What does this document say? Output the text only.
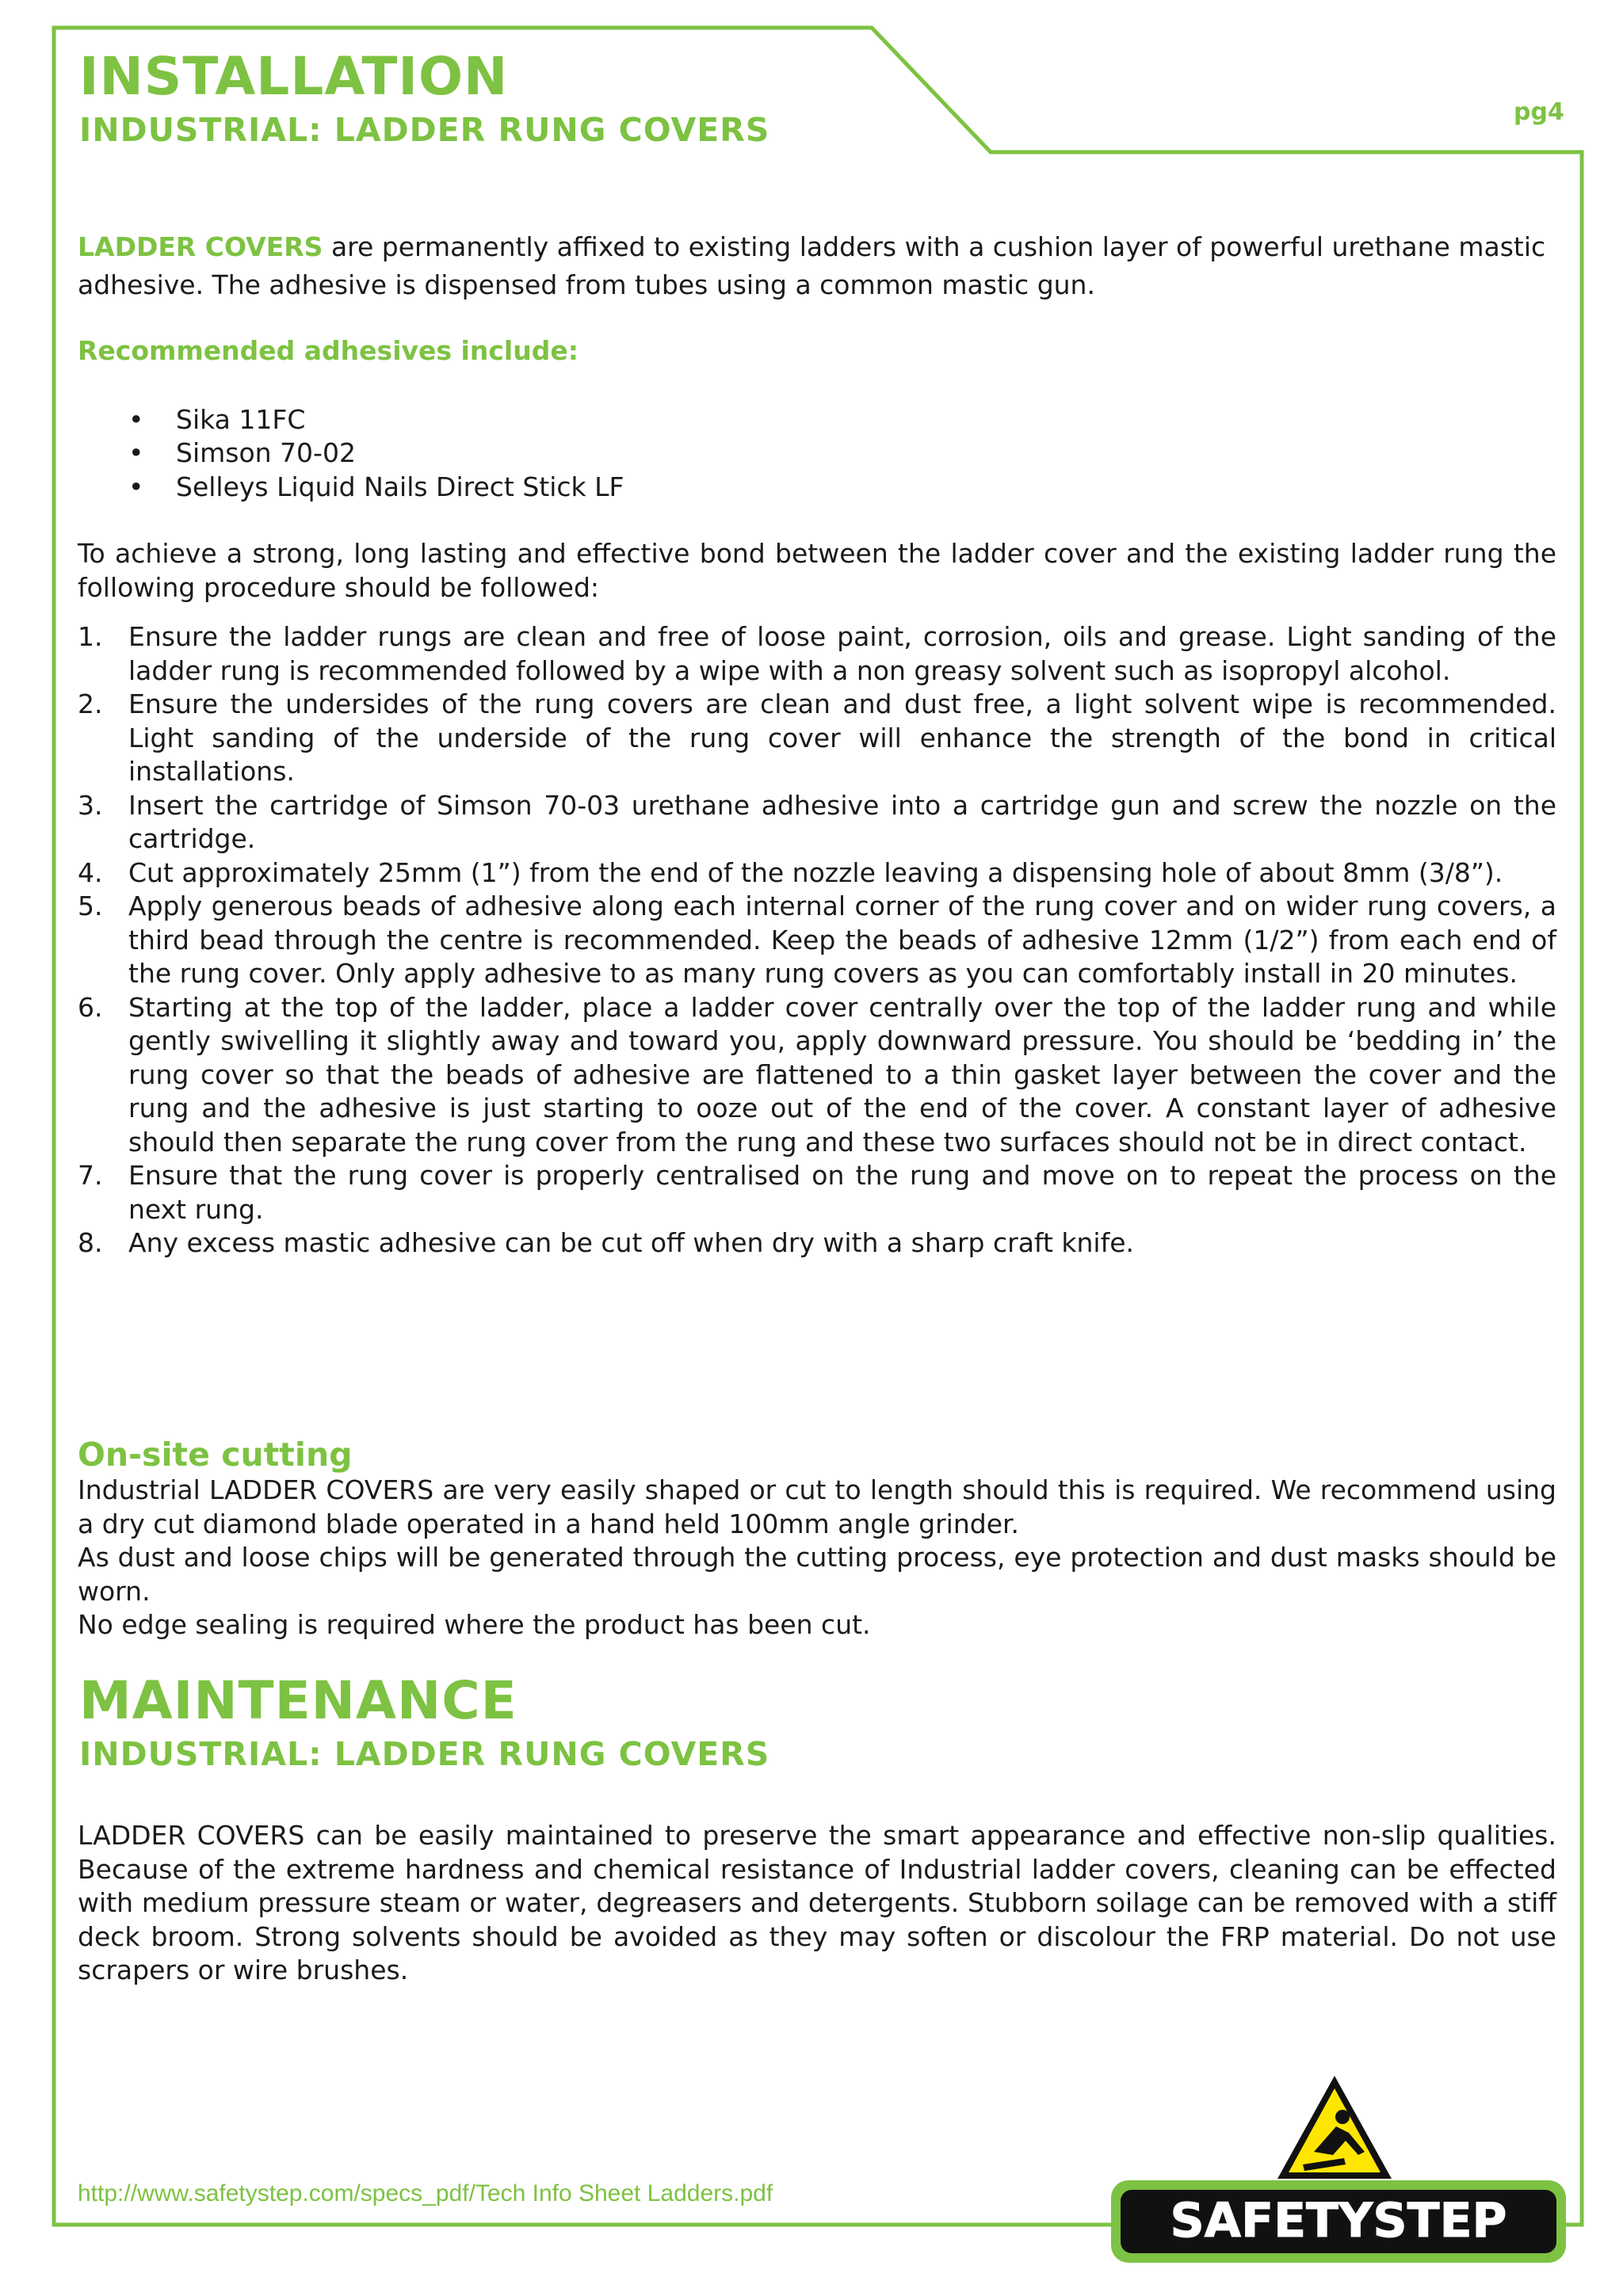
INSTALLATION
INDUSTRIAL: LADDER RUNG COVERS	pg4

LADDER COVERS are permanently affixed to existing ladders with a cushion layer of powerful urethane mastic adhesive. The adhesive is dispensed from tubes using a common mastic gun.

Recommended adhesives include:

• Sika 11FC
• Simson 70-02
• Selleys Liquid Nails Direct Stick LF

To achieve a strong, long lasting and effective bond between the ladder cover and the existing ladder rung the following procedure should be followed:

1. Ensure the ladder rungs are clean and free of loose paint, corrosion, oils and grease. Light sanding of the ladder rung is recommended followed by a wipe with a non greasy solvent such as isopropyl alcohol.
2. Ensure the undersides of the rung covers are clean and dust free, a light solvent wipe is recommended. Light sanding of the underside of the rung cover will enhance the strength of the bond in critical installations.
3. Insert the cartridge of Simson 70-03 urethane adhesive into a cartridge gun and screw the nozzle on the cartridge.
4. Cut approximately 25mm (1”) from the end of the nozzle leaving a dispensing hole of about 8mm (3/8”).
5. Apply generous beads of adhesive along each internal corner of the rung cover and on wider rung covers, a third bead through the centre is recommended. Keep the beads of adhesive 12mm (1/2”) from each end of the rung cover. Only apply adhesive to as many rung covers as you can comfortably install in 20 minutes.
6. Starting at the top of the ladder, place a ladder cover centrally over the top of the ladder rung and while gently swivelling it slightly away and toward you, apply downward pressure. You should be ‘bedding in’ the rung cover so that the beads of adhesive are flattened to a thin gasket layer between the cover and the rung and the adhesive is just starting to ooze out of the end of the cover. A constant layer of adhesive should then separate the rung cover from the rung and these two surfaces should not be in direct contact.
7. Ensure that the rung cover is properly centralised on the rung and move on to repeat the process on the next rung.
8. Any excess mastic adhesive can be cut off when dry with a sharp craft knife.

On-site cutting

Industrial LADDER COVERS are very easily shaped or cut to length should this is required. We recommend using a dry cut diamond blade operated in a hand held 100mm angle grinder.

As dust and loose chips will be generated through the cutting process, eye protection and dust masks should be worn.

No edge sealing is required where the product has been cut.

MAINTENANCE
INDUSTRIAL: LADDER RUNG COVERS

LADDER COVERS can be easily maintained to preserve the smart appearance and effective non-slip qualities. Because of the extreme hardness and chemical resistance of Industrial ladder covers, cleaning can be effected with medium pressure steam or water, degreasers and detergents. Stubborn soilage can be removed with a stiff deck broom. Strong solvents should be avoided as they may soften or discolour the FRP material. Do not use scrapers or wire brushes.

http://www.safetystep.com/specs_pdf/Tech Info Sheet Ladders.pdf	SAFETYSTEP
